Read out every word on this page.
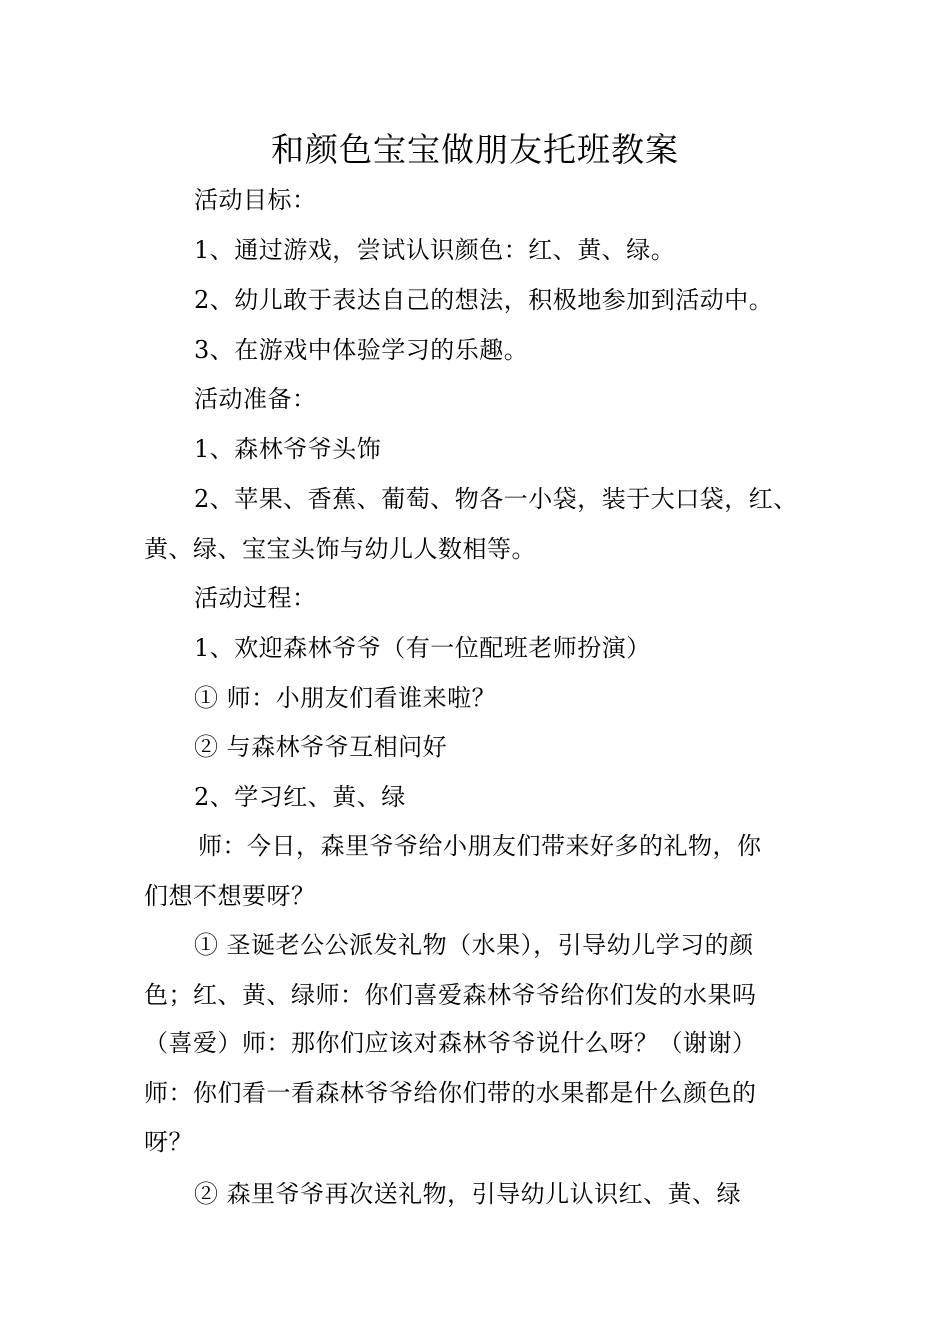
和颜色宝宝做朋友托班教案
活动目标：
1、通过游戏，尝试认识颜色：红、黄、绿。
2、幼儿敢于表达自己的想法，积极地参加到活动中。
3、在游戏中体验学习的乐趣。
活动准备：
1、森林爷爷头饰
2、苹果、香蕉、葡萄、物各一小袋，装于大口袋，红、
黄、绿、宝宝头饰与幼儿人数相等。
活动过程：
1、欢迎森林爷爷（有一位配班老师扮演）
① 师：小朋友们看谁来啦？
② 与森林爷爷互相问好
2、学习红、黄、绿
师：今日，森里爷爷给小朋友们带来好多的礼物，你
们想不想要呀？
① 圣诞老公公派发礼物（水果），引导幼儿学习的颜
色；红、黄、绿师：你们喜爱森林爷爷给你们发的水果吗
（喜爱）师：那你们应该对森林爷爷说什么呀？（谢谢）
师：你们看一看森林爷爷给你们带的水果都是什么颜色的
呀？
② 森里爷爷再次送礼物，引导幼儿认识红、黄、绿
